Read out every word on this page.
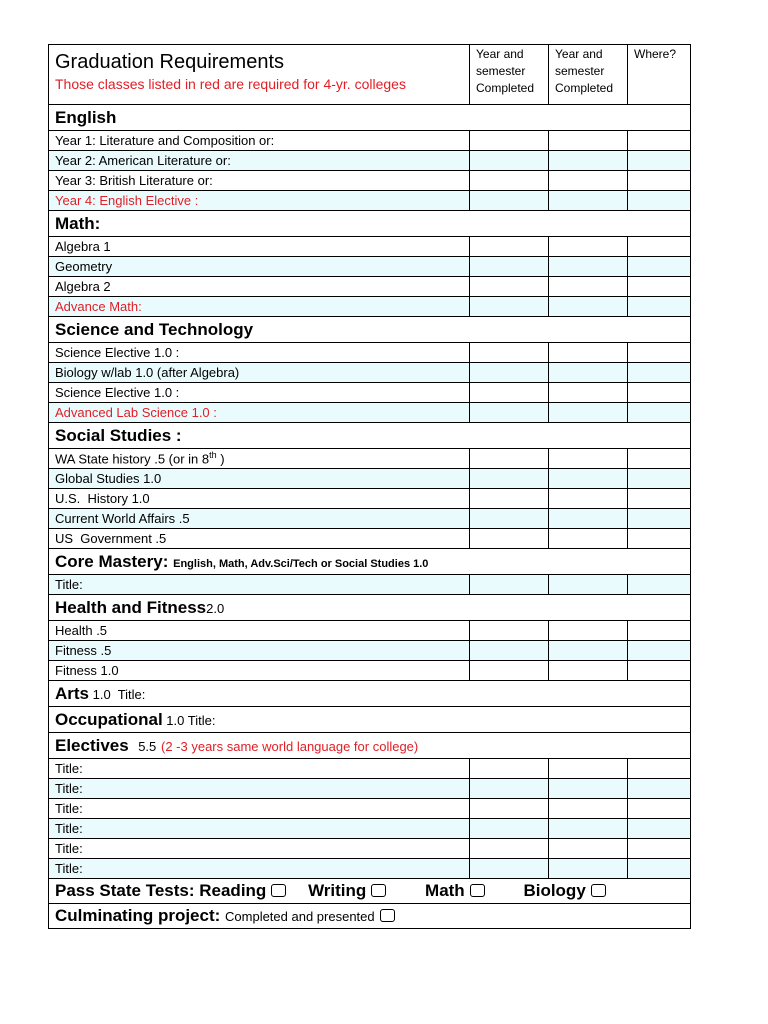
Graduation Requirements
Those classes listed in red are required for 4-yr. colleges	Year and semester Completed	Year and semester Completed	Where?
English			
Year 1: Literature and Composition or:			
Year 2: American Literature or:			
Year 3: British Literature or:			
Year 4: English Elective :			
Math:			
Algebra 1			
Geometry			
Algebra 2			
Advance Math:			
Science and Technology			
Science Elective 1.0 :			
Biology w/lab 1.0 (after Algebra)			
Science Elective 1.0 :			
Advanced Lab Science 1.0 :			
Social Studies :			
WA State history .5 (or in 8th )			
Global Studies 1.0			
U.S.  History 1.0			
Current World Affairs .5			
US  Government .5			
Core Mastery: English, Math, Adv.Sci/Tech or Social Studies 1.0			
Title:			
Health and Fitness2.0			
Health .5			
Fitness .5			
Fitness 1.0			
Arts 1.0  Title:			
Occupational 1.0 Title:			
Electives 5.5 (2 -3 years same world language for college)			
Title:			
Title:			
Title:			
Title:			
Title:			
Title:			
Pass State Tests: Reading Writing Math Biology			
Culminating project: Completed and presented			
